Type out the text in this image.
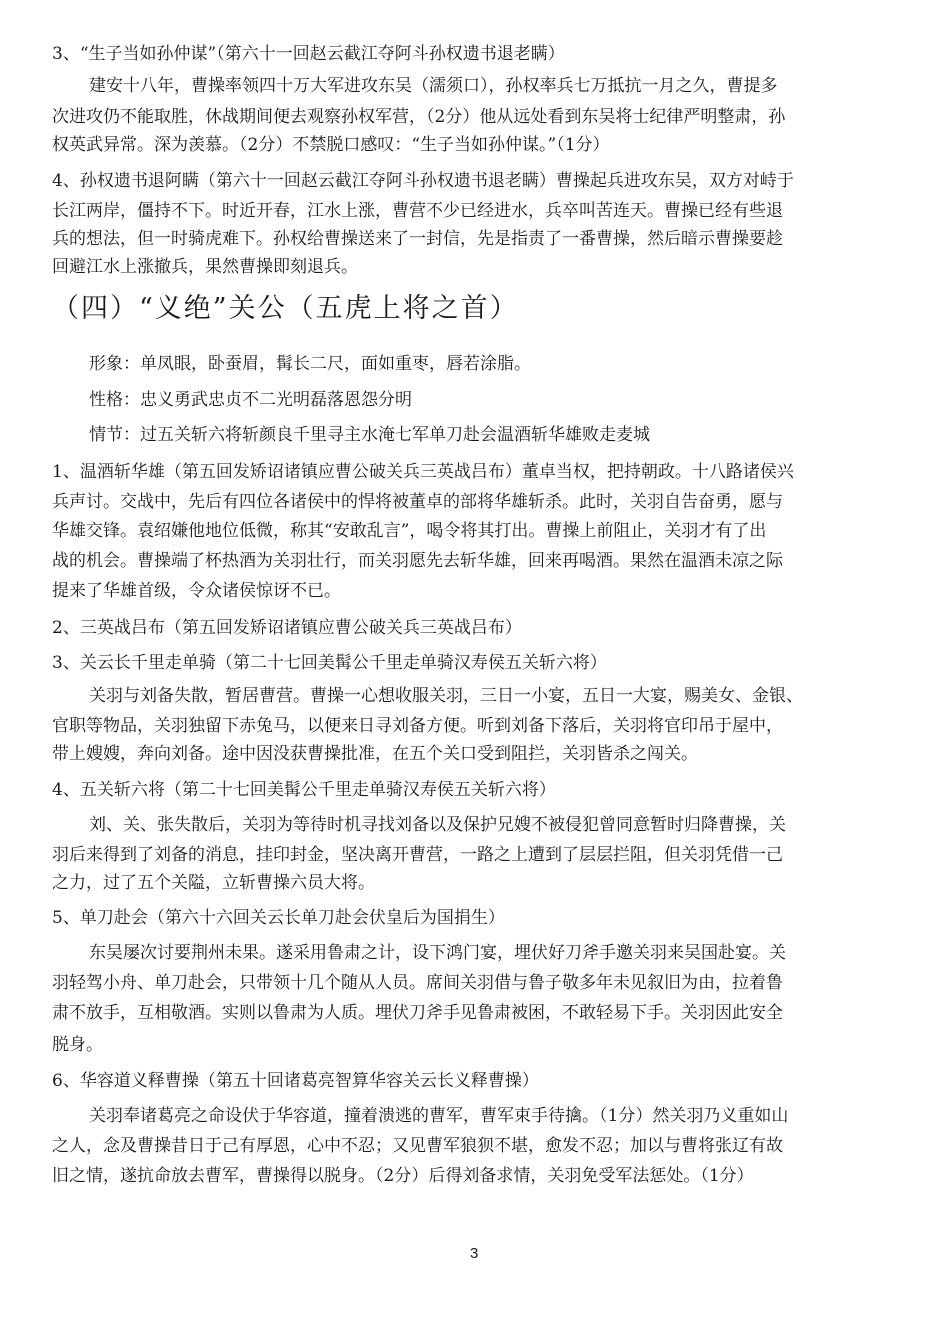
3、“生子当如孙仲谋”（第六十一回赵云截江夺阿斗孙权遗书退老瞒）
建安十八年，曹操率领四十万大军进攻东吴（濡须口），孙权率兵七万抵抗一月之久，曹提多
次进攻仍不能取胜，休战期间便去观察孙权军营，（2分）他从远处看到东吴将士纪律严明整肃，孙
权英武异常。深为羡慕。（2分）不禁脱口感叹：“生子当如孙仲谋。”（1分）
4、孙权遗书退阿瞒（第六十一回赵云截江夺阿斗孙权遗书退老瞒）曹操起兵进攻东吴，双方对峙于
长江两岸，僵持不下。时近开春，江水上涨，曹营不少已经进水，兵卒叫苦连天。曹操已经有些退
兵的想法，但一时骑虎难下。孙权给曹操送来了一封信，先是指责了一番曹操，然后暗示曹操要趁
回避江水上涨撤兵，果然曹操即刻退兵。
（四）“义绝”关公（五虎上将之首）
形象：单凤眼，卧蚕眉，髯长二尺，面如重枣，唇若涂脂。
性格：忠义勇武忠贞不二光明磊落恩怨分明
情节：过五关斩六将斩颜良千里寻主水淹七军单刀赴会温酒斩华雄败走麦城
1、温酒斩华雄（第五回发矫诏诸镇应曹公破关兵三英战吕布）董卓当权，把持朝政。十八路诸侯兴
兵声讨。交战中，先后有四位各诸侯中的悍将被董卓的部将华雄斩杀。此时，关羽自告奋勇，愿与
华雄交锋。袁绍嫌他地位低微，称其“安敢乱言”，喝令将其打出。曹操上前阻止，关羽才有了出
战的机会。曹操端了杯热酒为关羽壮行，而关羽愿先去斩华雄，回来再喝酒。果然在温酒未凉之际
提来了华雄首级，令众诸侯惊讶不已。
2、三英战吕布（第五回发矫诏诸镇应曹公破关兵三英战吕布）
3、关云长千里走单骑（第二十七回美髯公千里走单骑汉寿侯五关斩六将）
关羽与刘备失散，暂居曹营。曹操一心想收服关羽，三日一小宴，五日一大宴，赐美女、金银、
官职等物品，关羽独留下赤兔马，以便来日寻刘备方便。听到刘备下落后，关羽将官印吊于屋中，
带上嫂嫂，奔向刘备。途中因没获曹操批准，在五个关口受到阻拦，关羽皆杀之闯关。
4、五关斩六将（第二十七回美髯公千里走单骑汉寿侯五关斩六将）
刘、关、张失散后，关羽为等待时机寻找刘备以及保护兄嫂不被侵犯曾同意暂时归降曹操，关
羽后来得到了刘备的消息，挂印封金，坚决离开曹营，一路之上遭到了层层拦阻，但关羽凭借一己
之力，过了五个关隘，立斩曹操六员大将。
5、单刀赴会（第六十六回关云长单刀赴会伏皇后为国捐生）
东吴屡次讨要荆州未果。遂采用鲁肃之计，设下鸿门宴，埋伏好刀斧手邀关羽来吴国赴宴。关
羽轻驾小舟、单刀赴会，只带领十几个随从人员。席间关羽借与鲁子敬多年未见叙旧为由，拉着鲁
肃不放手，互相敬酒。实则以鲁肃为人质。埋伏刀斧手见鲁肃被困，不敢轻易下手。关羽因此安全
脱身。
6、华容道义释曹操（第五十回诸葛亮智算华容关云长义释曹操）
关羽奉诸葛亮之命设伏于华容道，撞着溃逃的曹军，曹军束手待擒。（1分）然关羽乃义重如山
之人，念及曹操昔日于己有厚恩，心中不忍；又见曹军狼狈不堪，愈发不忍；加以与曹将张辽有故
旧之情，遂抗命放去曹军，曹操得以脱身。（2分）后得刘备求情，关羽免受军法惩处。（1分）
3
